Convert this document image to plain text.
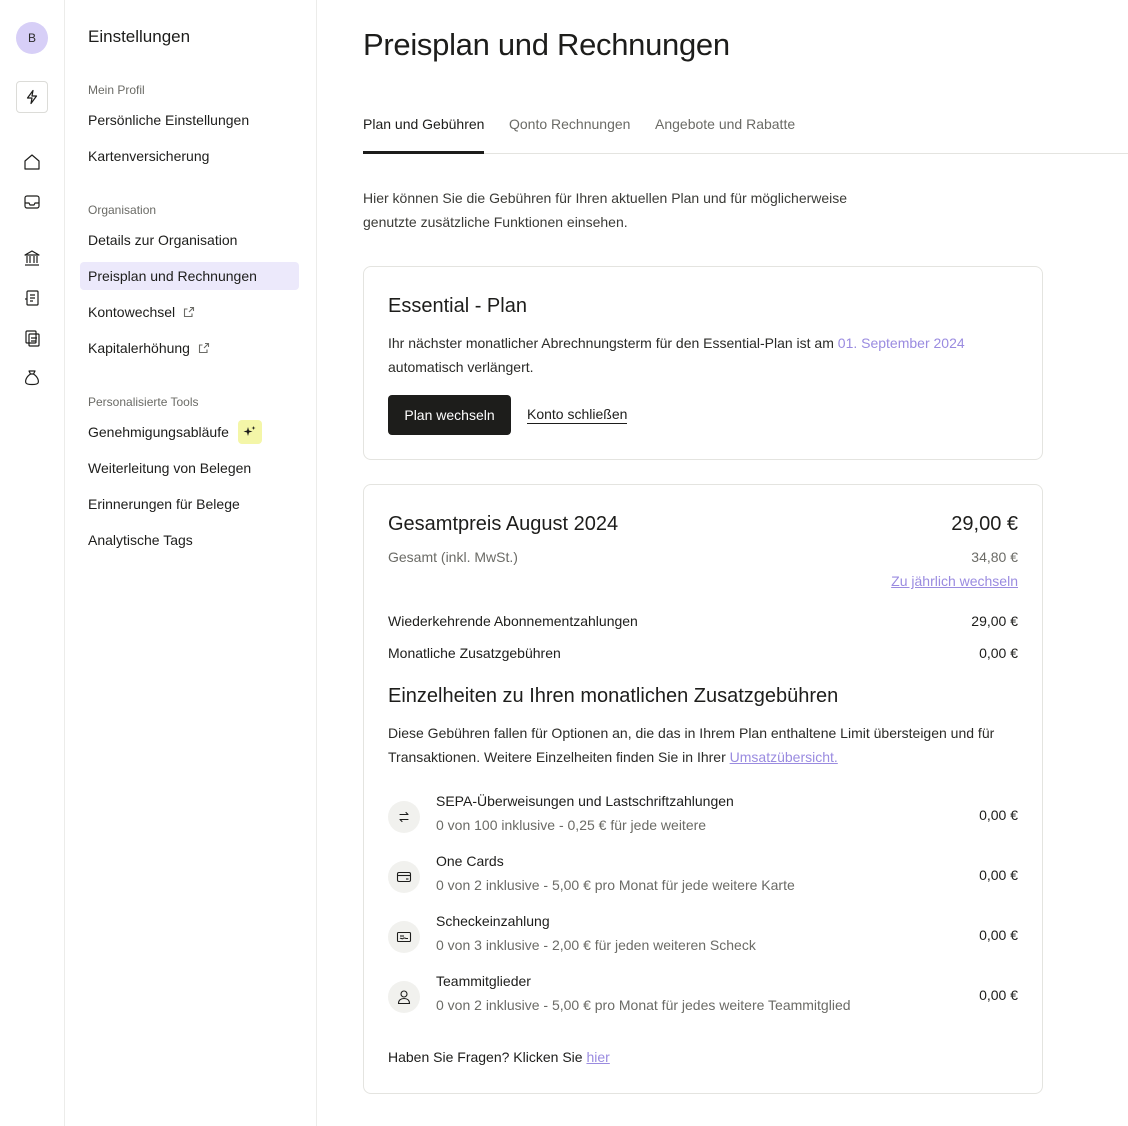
B	Einstellungen
Mein Profil
Persönliche Einstellungen
Kartenversicherung
Organisation
Details zur Organisation
Preisplan und Rechnungen
Kontowechsel
Kapitalerhöhung
Personalisierte Tools
Genehmigungsabläufe
Weiterleitung von Belegen
Erinnerungen für Belege
Analytische Tags
Preisplan und Rechnungen
Plan und Gebühren Qonto Rechnungen Angebote und Rabatte

Hier können Sie die Gebühren für Ihren aktuellen Plan und für möglicherweise genutzte zusätzliche Funktionen einsehen.

Essential - Plan

Ihr nächster monatlicher Abrechnungsterm für den Essential-Plan ist am 01. September 2024 automatisch verlängert.

Plan wechseln	Konto schließen
Gesamtpreis August 2024	29,00 €
Gesamt (inkl. MwSt.)	34,80 €
Zu jährlich wechseln
Wiederkehrende Abonnementzahlungen	29,00 €
Monatliche Zusatzgebühren	0,00 €
Einzelheiten zu Ihren monatlichen Zusatzgebühren

Diese Gebühren fallen für Optionen an, die das in Ihrem Plan enthaltene Limit übersteigen und für Transaktionen. Weitere Einzelheiten finden Sie in Ihrer Umsatzübersicht.

SEPA-Überweisungen und Lastschriftzahlungen
0 von 100 inklusive - 0,25 € für jede weitere
0,00 €
One Cards
0 von 2 inklusive - 5,00 € pro Monat für jede weitere Karte
0,00 €
Scheckeinzahlung
0 von 3 inklusive - 2,00 € für jeden weiteren Scheck
0,00 €
Teammitglieder
0 von 2 inklusive - 5,00 € pro Monat für jedes weitere Teammitglied
0,00 €
Haben Sie Fragen? Klicken Sie hier
